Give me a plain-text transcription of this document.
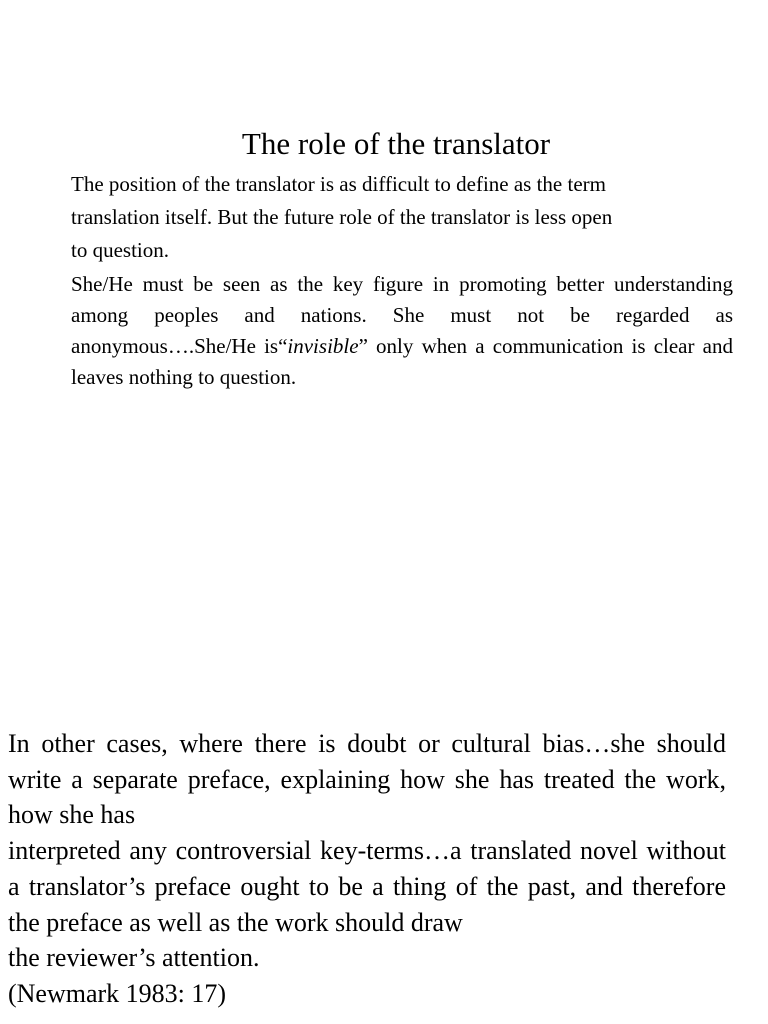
The role of the translator

The position of the translator is as difficult to define as the term
translation itself. But the future role of the translator is less open
to question.

She/He must be seen as the key figure in promoting better understanding among peoples and nations. She must not be regarded as anonymous….She/He is“invisible” only when a communication is clear and leaves nothing to question.

In other cases, where there is doubt or cultural bias…she should write a separate preface, explaining how she has treated the work, how she has

interpreted any controversial key-terms…a translated novel without a translator’s preface ought to be a thing of the past, and therefore the preface as well as the work should draw

the reviewer’s attention.

(Newmark 1983: 17)
